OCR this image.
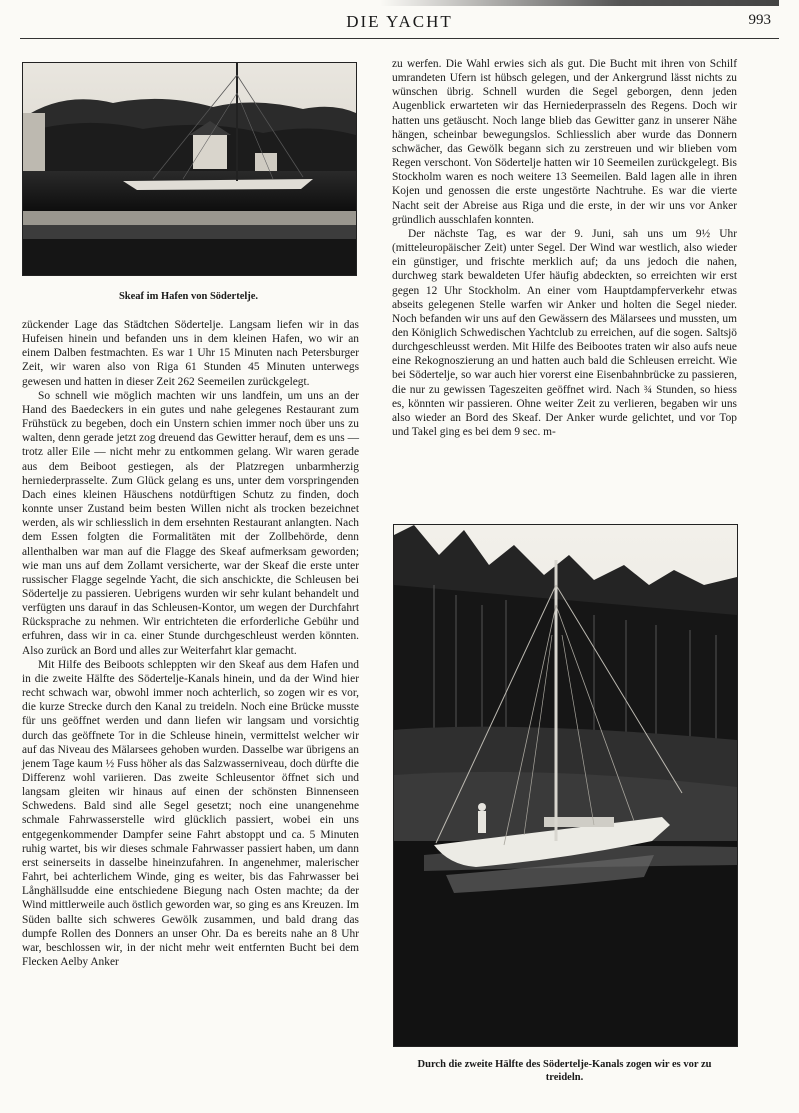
DIE YACHT	993
Skeaf im Hafen von Södertelje.

zückender Lage das Städtchen Södertelje. Langsam liefen wir in das Hufeisen hinein und befanden uns in dem kleinen Hafen, wo wir an einem Dalben festmachten. Es war 1 Uhr 15 Minuten nach Petersburger Zeit, wir waren also von Riga 61 Stunden 45 Minuten unterwegs gewesen und hatten in dieser Zeit 262 Seemeilen zurückgelegt.

So schnell wie möglich machten wir uns landfein, um uns an der Hand des Baedeckers in ein gutes und nahe gelegenes Restaurant zum Frühstück zu begeben, doch ein Unstern schien immer noch über uns zu walten, denn gerade jetzt zog dreuend das Gewitter herauf, dem es uns — trotz aller Eile — nicht mehr zu entkommen gelang. Wir waren gerade aus dem Beiboot gestiegen, als der Platzregen unbarmherzig herniederprasselte. Zum Glück gelang es uns, unter dem vorspringenden Dach eines kleinen Häuschens notdürftigen Schutz zu finden, doch konnte unser Zustand beim besten Willen nicht als trocken bezeichnet werden, als wir schliesslich in dem ersehnten Restaurant anlangten. Nach dem Essen folgten die Formalitäten mit der Zollbehörde, denn allenthalben war man auf die Flagge des Skeaf aufmerksam geworden; wie man uns auf dem Zollamt versicherte, war der Skeaf die erste unter russischer Flagge segelnde Yacht, die sich anschickte, die Schleusen bei Södertelje zu passieren. Uebrigens wurden wir sehr kulant behandelt und verfügten uns darauf in das Schleusen-Kontor, um wegen der Durchfahrt Rücksprache zu nehmen. Wir entrichteten die erforderliche Gebühr und erfuhren, dass wir in ca. einer Stunde durchgeschleust werden könnten. Also zurück an Bord und alles zur Weiterfahrt klar gemacht.

Mit Hilfe des Beiboots schleppten wir den Skeaf aus dem Hafen und in die zweite Hälfte des Södertelje-Kanals hinein, und da der Wind hier recht schwach war, obwohl immer noch achterlich, so zogen wir es vor, die kurze Strecke durch den Kanal zu treideln. Noch eine Brücke musste für uns geöffnet werden und dann liefen wir langsam und vorsichtig durch das geöffnete Tor in die Schleuse hinein, vermittelst welcher wir auf das Niveau des Mälarsees gehoben wurden. Dasselbe war übrigens an jenem Tage kaum ½ Fuss höher als das Salzwasserniveau, doch dürfte die Differenz wohl variieren. Das zweite Schleusentor öffnet sich und langsam gleiten wir hinaus auf einen der schönsten Binnenseen Schwedens. Bald sind alle Segel gesetzt; noch eine unangenehme schmale Fahrwasserstelle wird glücklich passiert, wobei ein uns entgegenkommender Dampfer seine Fahrt abstoppt und ca. 5 Minuten ruhig wartet, bis wir dieses schmale Fahrwasser passiert haben, um dann erst seinerseits in dasselbe hineinzufahren. In angenehmer, malerischer Fahrt, bei achterlichem Winde, ging es weiter, bis das Fahrwasser bei Långhällsudde eine entschiedene Biegung nach Osten machte; da der Wind mittlerweile auch östlich geworden war, so ging es ans Kreuzen. Im Süden ballte sich schweres Gewölk zusammen, und bald drang das dumpfe Rollen des Donners an unser Ohr. Da es bereits nahe an 8 Uhr war, beschlossen wir, in der nicht mehr weit entfernten Bucht bei dem Flecken Aelby Anker

zu werfen. Die Wahl erwies sich als gut. Die Bucht mit ihren von Schilf umrandeten Ufern ist hübsch gelegen, und der Ankergrund lässt nichts zu wünschen übrig. Schnell wurden die Segel geborgen, denn jeden Augenblick erwarteten wir das Herniederprasseln des Regens. Doch wir hatten uns getäuscht. Noch lange blieb das Gewitter ganz in unserer Nähe hängen, scheinbar bewegungslos. Schliesslich aber wurde das Donnern schwächer, das Gewölk begann sich zu zerstreuen und wir blieben vom Regen verschont. Von Södertelje hatten wir 10 Seemeilen zurückgelegt. Bis Stockholm waren es noch weitere 13 Seemeilen. Bald lagen alle in ihren Kojen und genossen die erste ungestörte Nachtruhe. Es war die vierte Nacht seit der Abreise aus Riga und die erste, in der wir uns vor Anker gründlich ausschlafen konnten.

Der nächste Tag, es war der 9. Juni, sah uns um 9½ Uhr (mitteleuropäischer Zeit) unter Segel. Der Wind war westlich, also wieder ein günstiger, und frischte merklich auf; da uns jedoch die nahen, durchweg stark bewaldeten Ufer häufig abdeckten, so erreichten wir erst gegen 12 Uhr Stockholm. An einer vom Hauptdampferverkehr etwas abseits gelegenen Stelle warfen wir Anker und holten die Segel nieder. Noch befanden wir uns auf den Gewässern des Mälarsees und mussten, um den Königlich Schwedischen Yachtclub zu erreichen, auf die sogen. Saltsjö durchgeschleusst werden. Mit Hilfe des Beibootes traten wir also aufs neue eine Rekognoszierung an und hatten auch bald die Schleusen erreicht. Wie bei Södertelje, so war auch hier vorerst eine Eisenbahnbrücke zu passieren, die nur zu gewissen Tageszeiten geöffnet wird. Nach ¾ Stunden, so hiess es, könnten wir passieren. Ohne weiter Zeit zu verlieren, begaben wir uns also wieder an Bord des Skeaf. Der Anker wurde gelichtet, und vor Top und Takel ging es bei dem 9 sec. m-

Durch die zweite Hälfte des Södertelje-Kanals zogen wir es vor zu treideln.
